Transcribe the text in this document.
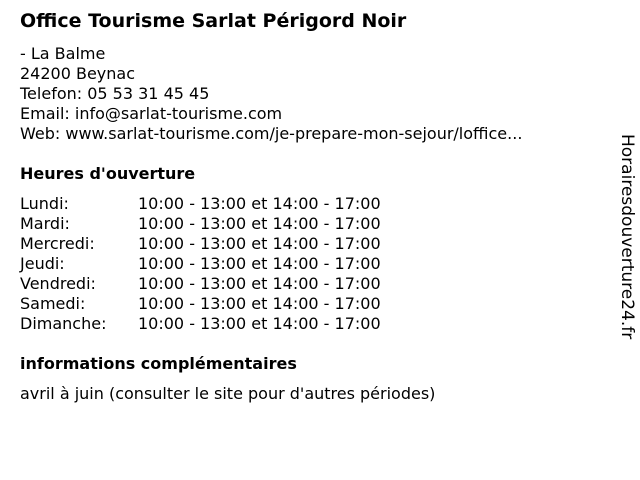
Office Tourisme Sarlat Périgord Noir
- La Balme
24200 Beynac
Telefon: 05 53 31 45 45
Email: info@sarlat-tourisme.com
Web: www.sarlat-tourisme.com/je-prepare-mon-sejour/loffice...
Heures d'ouverture
Lundi:	10:00 - 13:00 et 14:00 - 17:00
Mardi:	10:00 - 13:00 et 14:00 - 17:00
Mercredi:	10:00 - 13:00 et 14:00 - 17:00
Jeudi:	10:00 - 13:00 et 14:00 - 17:00
Vendredi:	10:00 - 13:00 et 14:00 - 17:00
Samedi:	10:00 - 13:00 et 14:00 - 17:00
Dimanche: 10:00 - 13:00 et 14:00 - 17:00
informations complémentaires
avril à juin (consulter le site pour d'autres périodes)
Horairesdouverture24.fr
